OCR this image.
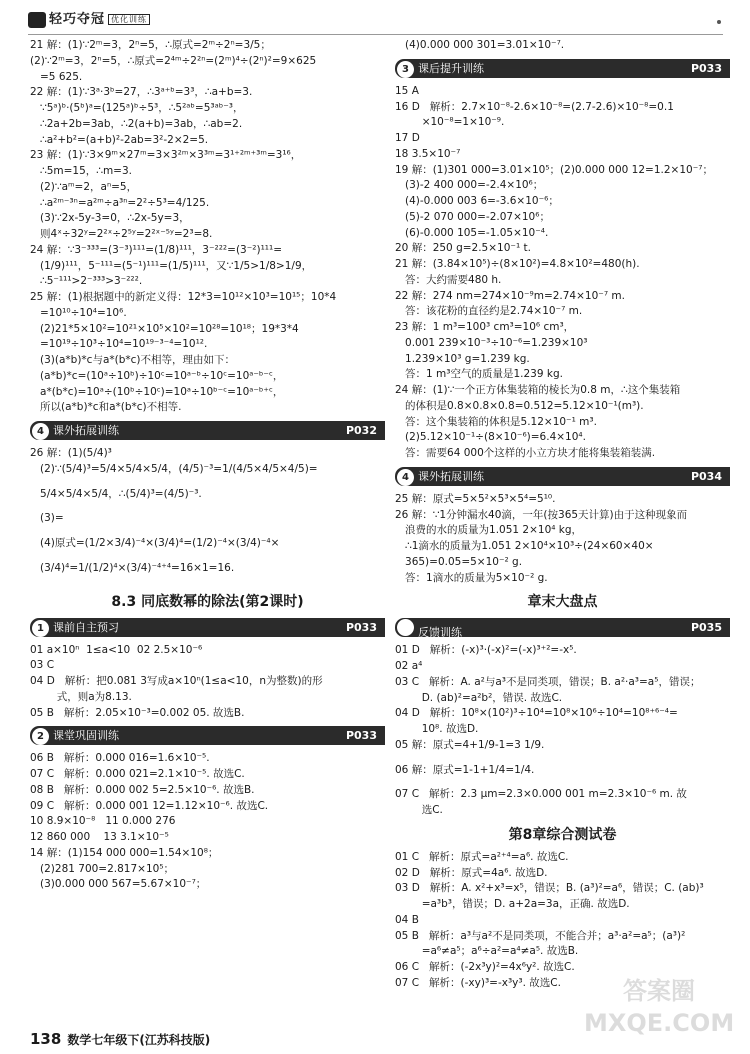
轻巧夺冠 优化训练
21 解：(1)∵2ᵐ=3，2ⁿ=5，∴原式=2ᵐ÷2ⁿ=3/5；
(2)∵2ᵐ=3，2ⁿ=5，∴原式=2⁴ᵐ÷2²ⁿ=(2ᵐ)⁴÷(2ⁿ)²=9×625
=5 625.
22 解：(1)∵3ᵃ·3ᵇ=27，∴3ᵃ⁺ᵇ=3³，∴a+b=3.
∵5ᵃ)ᵇ·(5ᵇ)ᵃ=(125ᵃ)ᵇ÷5³，∴5²ᵃᵇ=5³ᵃᵇ⁻³，
∴2a+2b=3ab，∴2(a+b)=3ab，∴ab=2.
∴a²+b²=(a+b)²-2ab=3²-2×2=5.
23 解：(1)∵3×9ᵐ×27ᵐ=3×3²ᵐ×3³ᵐ=3¹⁺²ᵐ⁺³ᵐ=3¹⁶，
∴5m=15，∴m=3.
(2)∵aᵐ=2，aⁿ=5，
∴a²ᵐ⁻³ⁿ=a²ᵐ÷a³ⁿ=2²÷5³=4/125.
(3)∵2x-5y-3=0，∴2x-5y=3，
则4ˣ÷32ʸ=2²ˣ÷2⁵ʸ=2²ˣ⁻⁵ʸ=2³=8.
24 解：∵3⁻³³³=(3⁻³)¹¹¹=(1/8)¹¹¹，3⁻²²²=(3⁻²)¹¹¹=
(1/9)¹¹¹，5⁻¹¹¹=(5⁻¹)¹¹¹=(1/5)¹¹¹，又∵1/5>1/8>1/9，
∴5⁻¹¹¹>2⁻³³³>3⁻²²².
25 解：(1)根据题中的新定义得：12*3=10¹²×10³=10¹⁵；10*4
=10¹⁰÷10⁴=10⁶.
(2)21*5×10²=10²¹×10⁵×10²=10²⁸=10¹⁸；19*3*4
=10¹⁹÷10³÷10⁴=10¹⁹⁻³⁻⁴=10¹².
(3)(a*b)*c与a*(b*c)不相等，理由如下：
(a*b)*c=(10ᵃ÷10ᵇ)÷10ᶜ=10ᵃ⁻ᵇ÷10ᶜ=10ᵃ⁻ᵇ⁻ᶜ，
a*(b*c)=10ᵃ÷(10ᵇ÷10ᶜ)=10ᵃ÷10ᵇ⁻ᶜ=10ᵃ⁻ᵇ⁺ᶜ，
所以(a*b)*c和a*(b*c)不相等.
4 课外拓展训练	P032
26 解：(1)(5/4)³
(2)∵(5/4)³=5/4×5/4×5/4，(4/5)⁻³=1/(4/5×4/5×4/5)=
5/4×5/4×5/4，∴(5/4)³=(4/5)⁻³.
(3)=
(4)原式=(1/2×3/4)⁻⁴×(3/4)⁴=(1/2)⁻⁴×(3/4)⁻⁴×
(3/4)⁴=1/(1/2)⁴×(3/4)⁻⁴⁺⁴=16×1=16.
8.3 同底数幂的除法(第2课时)
1 课前自主预习	P033
01 a×10ⁿ  1≤a<10  02 2.5×10⁻⁶
03 C
04 D   解析：把0.081 3写成a×10ⁿ(1≤a<10，n为整数)的形
式，则a为8.13.
05 B   解析：2.05×10⁻³=0.002 05. 故选B.
2 课堂巩固训练	P033
06 B   解析：0.000 016=1.6×10⁻⁵.
07 C   解析：0.000 021=2.1×10⁻⁵. 故选C.
08 B   解析：0.000 002 5=2.5×10⁻⁶. 故选B.
09 C   解析：0.000 001 12=1.12×10⁻⁶. 故选C.
10 8.9×10⁻⁸   11 0.000 276
12 860 000    13 3.1×10⁻⁵
14 解：(1)154 000 000=1.54×10⁸；
(2)281 700=2.817×10⁵；
(3)0.000 000 567=5.67×10⁻⁷；
(4)0.000 000 301=3.01×10⁻⁷.
3 课后提升训练	P033
15 A
16 D   解析：2.7×10⁻⁸-2.6×10⁻⁸=(2.7-2.6)×10⁻⁸=0.1
×10⁻⁸=1×10⁻⁹.
17 D
18 3.5×10⁻⁷
19 解：(1)301 000=3.01×10⁵；(2)0.000 000 12=1.2×10⁻⁷；
(3)-2 400 000=-2.4×10⁶；
(4)-0.000 003 6=-3.6×10⁻⁶；
(5)-2 070 000=-2.07×10⁶；
(6)-0.000 105=-1.05×10⁻⁴.
20 解：250 g=2.5×10⁻¹ t.
21 解：(3.84×10⁵)÷(8×10²)=4.8×10²=480(h).
答：大约需要480 h.
22 解：274 nm=274×10⁻⁹m=2.74×10⁻⁷ m.
答：该花粉的直径约是2.74×10⁻⁷ m.
23 解：1 m³=100³ cm³=10⁶ cm³，
0.001 239×10⁻³÷10⁻⁶=1.239×10³
1.239×10³ g=1.239 kg.
答：1 m³空气的质量是1.239 kg.
24 解：(1)∵一个正方体集装箱的棱长为0.8 m，∴这个集装箱
的体积是0.8×0.8×0.8=0.512=5.12×10⁻¹(m³).
答：这个集装箱的体积是5.12×10⁻¹ m³.
(2)5.12×10⁻¹÷(8×10⁻⁶)=6.4×10⁴.
答：需要64 000个这样的小立方块才能将集装箱装满.
4 课外拓展训练	P034
25 解：原式=5×5²×5³×5⁴=5¹⁰.
26 解：∵1分钟漏水40滴，一年(按365天计算)由于这种现象而
浪费的水的质量为1.051 2×10⁴ kg，
∴1滴水的质量为1.051 2×10⁴×10³÷(24×60×40×
365)=0.05=5×10⁻² g.
答：1滴水的质量为5×10⁻² g.
章末大盘点
反馈训练	P035
01 D   解析：(-x)³·(-x)²=(-x)³⁺²=-x⁵.
02 a⁴
03 C   解析：A. a²与a³不是同类项，错误；B. a²·a³=a⁵，错误；
D. (ab)²=a²b²，错误. 故选C.
04 D   解析：10⁸×(10²)³÷10⁴=10⁸×10⁶÷10⁴=10⁸⁺⁶⁻⁴=
10⁸. 故选D.
05 解：原式=4+1/9-1=3 1/9.
06 解：原式=1-1+1/4=1/4.
07 C   解析：2.3 μm=2.3×0.000 001 m=2.3×10⁻⁶ m. 故
选C.
第8章综合测试卷
01 C   解析：原式=a²⁺⁴=a⁶. 故选C.
02 D   解析：原式=4a⁶. 故选D.
03 D   解析：A. x²+x³=x⁵，错误；B. (a³)²=a⁶，错误；C. (ab)³
=a³b³，错误；D. a+2a=3a，正确. 故选D.
04 B
05 B   解析：a³与a²不是同类项，不能合并；a³·a²=a⁵；(a³)²
=a⁶≠a⁵；a⁶÷a²=a⁴≠a⁵. 故选B.
06 C   解析：(-2x³y)²=4x⁶y². 故选C.
07 C   解析：(-xy)³=-x³y³. 故选C.
138 数学七年级下(江苏科技版)
答案圈
MXQE.COM
